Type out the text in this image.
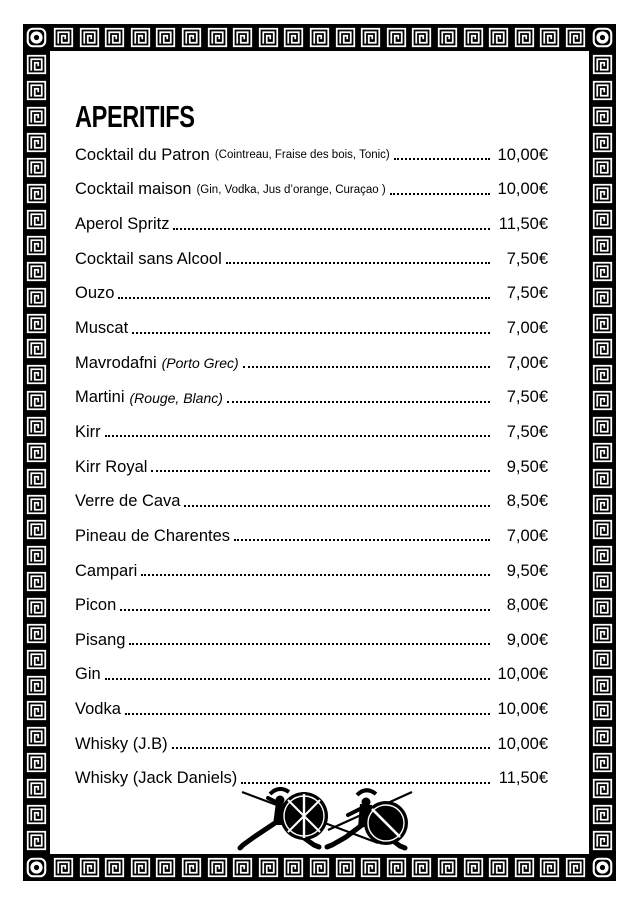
APERITIFS
Cocktail du Patron (Cointreau, Fraise des bois, Tonic)	10,00€
Cocktail maison (Gin, Vodka, Jus d’orange, Curaçao )	10,00€
Aperol Spritz	11,50€
Cocktail sans Alcool	7,50€
Ouzo	7,50€
Muscat	7,00€
Mavrodafni (Porto Grec)	7,00€
Martini (Rouge, Blanc)	7,50€
Kirr	7,50€
Kirr Royal	9,50€
Verre de Cava	8,50€
Pineau de Charentes	7,00€
Campari	9,50€
Picon	8,00€
Pisang	9,00€
Gin	10,00€
Vodka	10,00€
Whisky (J.B)	10,00€
Whisky (Jack Daniels)	11,50€
